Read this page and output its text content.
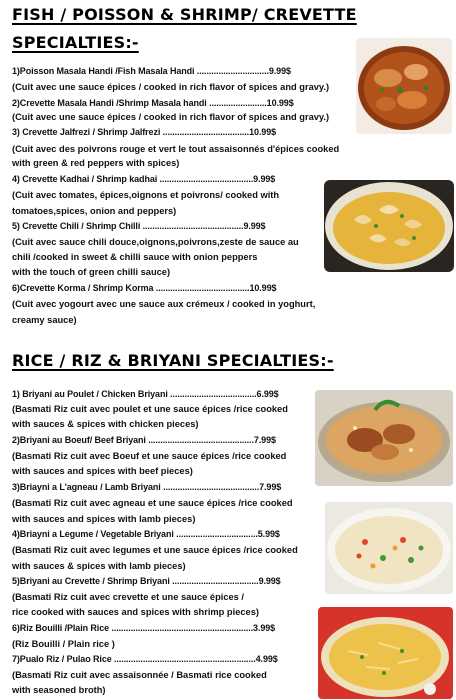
FISH / POISSON & SHRIMP/ CREVETTE
SPECIALTIES:-
1)Poisson Masala Handi /Fish Masala Handi ..............................9.99$
(Cuit avec une sauce épices / cooked in rich flavor of spices and gravy.)
2)Crevette Masala Handi /Shrimp Masala handi ........................10.99$
(Cuit avec une sauce épices / cooked in rich flavor of spices and gravy.)
3) Crevette Jalfrezi / Shrimp Jalfrezi ....................................10.99$
(Cuit avec des poivrons rouge et vert le tout assaisonnés d'épices cooked
with green & red peppers with spices)
4) Crevette Kadhai / Shrimp kadhai .......................................9.99$
(Cuit avec tomates, épices,oignons et poivrons/ cooked with
tomatoes,spices, onion and peppers)
5) Crevette Chili / Shrimp Chilli ..........................................9.99$
(Cuit avec sauce chili douce,oignons,poivrons,zeste de sauce au
chili /cooked in sweet & chilli sauce with onion peppers
with the touch of green chilli sauce)
6)Crevette Korma / Shrimp Korma .......................................10.99$
(Cuit avec yogourt avec une sauce aux crémeux / cooked in yoghurt,
creamy sauce)
RICE / RIZ & BRIYANI SPECIALTIES:-
1) Briyani au Poulet / Chicken Briyani ....................................6.99$
(Basmati Riz cuit avec poulet et une sauce épices /rice cooked
with sauces & spices with chicken pieces)
2)Briyani au Boeuf/ Beef Briyani ............................................7.99$
(Basmati Riz cuit avec Boeuf et une sauce épices /rice cooked
with sauces and spices with beef pieces)
3)Briayni a L'agneau / Lamb Briyani ........................................7.99$
(Basmati Riz cuit avec agneau et une sauce épices /rice cooked
with sauces and spices with lamb pieces)
4)Briayni a Legume / Vegetable Briyani ..................................5.99$
(Basmati Riz cuit avec legumes et une sauce épices /rice cooked
with sauces & spices with lamb pieces)
5)Briyani au Crevette / Shrimp Briyani ....................................9.99$
(Basmati Riz cuit avec crevette et une sauce épices /
rice cooked with sauces and spices with shrimp pieces)
6)Riz Bouilli /Plain Rice ...........................................................3.99$
(Riz Bouilli / Plain rice )
7)Pualo Riz / Pulao Rice ...........................................................4.99$
(Basmati Riz cuit avec assaisonnée / Basmati rice cooked
with seasoned broth)
